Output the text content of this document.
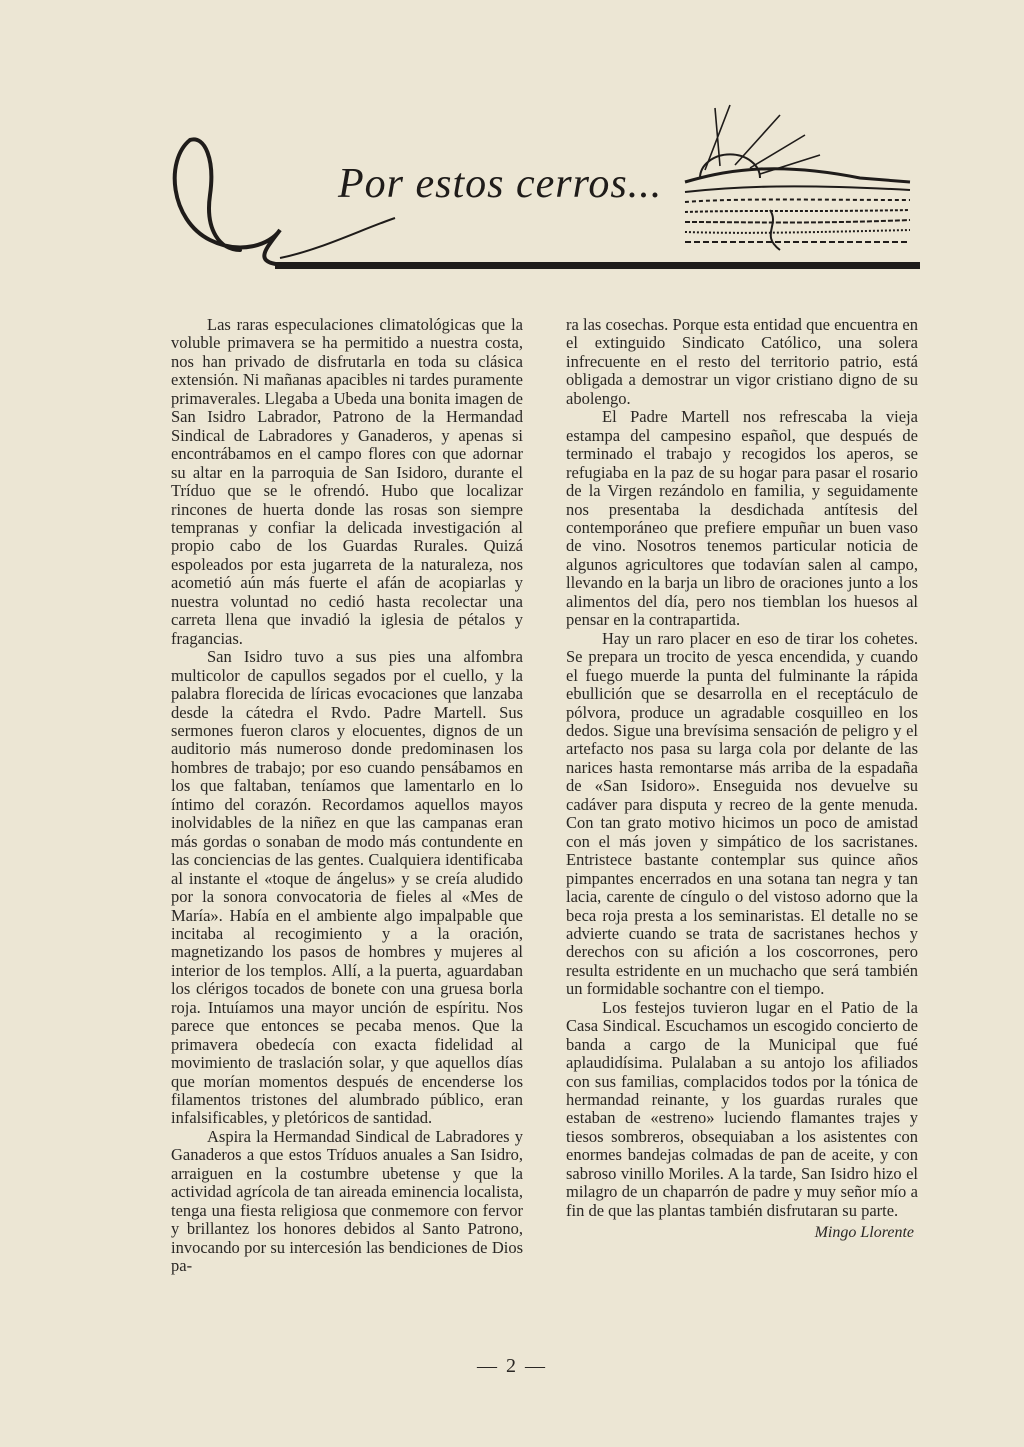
Por estos cerros...

Las raras especulaciones climatológicas que la voluble primavera se ha permitido a nuestra costa, nos han privado de disfrutarla en toda su clásica extensión. Ni mañanas apacibles ni tardes puramente primaverales. Llegaba a Ubeda una bonita imagen de San Isidro Labrador, Patrono de la Hermandad Sindical de Labradores y Ganaderos, y apenas si encontrábamos en el campo flores con que adornar su altar en la parroquia de San Isidoro, durante el Tríduo que se le ofrendó. Hubo que localizar rincones de huerta donde las rosas son siempre tempranas y confiar la delicada investigación al propio cabo de los Guardas Rurales. Quizá espoleados por esta jugarreta de la naturaleza, nos acometió aún más fuerte el afán de acopiarlas y nuestra voluntad no cedió hasta recolectar una carreta llena que invadió la iglesia de pétalos y fragancias.

San Isidro tuvo a sus pies una alfombra multicolor de capullos segados por el cuello, y la palabra florecida de líricas evocaciones que lanzaba desde la cátedra el Rvdo. Padre Martell. Sus sermones fueron claros y elocuentes, dignos de un auditorio más numeroso donde predominasen los hombres de trabajo; por eso cuando pensábamos en los que faltaban, teníamos que lamentarlo en lo íntimo del corazón. Recordamos aquellos mayos inolvidables de la niñez en que las campanas eran más gordas o sonaban de modo más contundente en las conciencias de las gentes. Cualquiera identificaba al instante el «toque de ángelus» y se creía aludido por la sonora convocatoria de fieles al «Mes de María». Había en el ambiente algo impalpable que incitaba al recogimiento y a la oración, magnetizando los pasos de hombres y mujeres al interior de los templos. Allí, a la puerta, aguardaban los clérigos tocados de bonete con una gruesa borla roja. Intuíamos una mayor unción de espíritu. Nos parece que entonces se pecaba menos. Que la primavera obedecía con exacta fidelidad al movimiento de traslación solar, y que aquellos días que morían momentos después de encenderse los filamentos tristones del alumbrado público, eran infalsificables, y pletóricos de santidad.

Aspira la Hermandad Sindical de Labradores y Ganaderos a que estos Tríduos anuales a San Isidro, arraiguen en la costumbre ubetense y que la actividad agrícola de tan aireada eminencia localista, tenga una fiesta religiosa que conmemore con fervor y brillantez los honores debidos al Santo Patrono, invocando por su intercesión las bendiciones de Dios pa-

ra las cosechas. Porque esta entidad que encuentra en el extinguido Sindicato Católico, una solera infrecuente en el resto del territorio patrio, está obligada a demostrar un vigor cristiano digno de su abolengo.

El Padre Martell nos refrescaba la vieja estampa del campesino español, que después de terminado el trabajo y recogidos los aperos, se refugiaba en la paz de su hogar para pasar el rosario de la Virgen rezándolo en familia, y seguidamente nos presentaba la desdichada antítesis del contemporáneo que prefiere empuñar un buen vaso de vino. Nosotros tenemos particular noticia de algunos agricultores que todavían salen al campo, llevando en la barja un libro de oraciones junto a los alimentos del día, pero nos tiemblan los huesos al pensar en la contrapartida.

Hay un raro placer en eso de tirar los cohetes. Se prepara un trocito de yesca encendida, y cuando el fuego muerde la punta del fulminante la rápida ebullición que se desarrolla en el receptáculo de pólvora, produce un agradable cosquilleo en los dedos. Sigue una brevísima sensación de peligro y el artefacto nos pasa su larga cola por delante de las narices hasta remontarse más arriba de la espadaña de «San Isidoro». Enseguida nos devuelve su cadáver para disputa y recreo de la gente menuda. Con tan grato motivo hicimos un poco de amistad con el más joven y simpático de los sacristanes. Entristece bastante contemplar sus quince años pimpantes encerrados en una sotana tan negra y tan lacia, carente de cíngulo o del vistoso adorno que la beca roja presta a los seminaristas. El detalle no se advierte cuando se trata de sacristanes hechos y derechos con su afición a los coscorrones, pero resulta estridente en un muchacho que será también un formidable sochantre con el tiempo.

Los festejos tuvieron lugar en el Patio de la Casa Sindical. Escuchamos un escogido concierto de banda a cargo de la Municipal que fué aplaudidísima. Pulalaban a su antojo los afiliados con sus familias, complacidos todos por la tónica de hermandad reinante, y los guardas rurales que estaban de «estreno» luciendo flamantes trajes y tiesos sombreros, obsequiaban a los asistentes con enormes bandejas colmadas de pan de aceite, y con sabroso vinillo Moriles. A la tarde, San Isidro hizo el milagro de un chaparrón de padre y muy señor mío a fin de que las plantas también disfrutaran su parte.

Mingo Llorente
— 2 —
